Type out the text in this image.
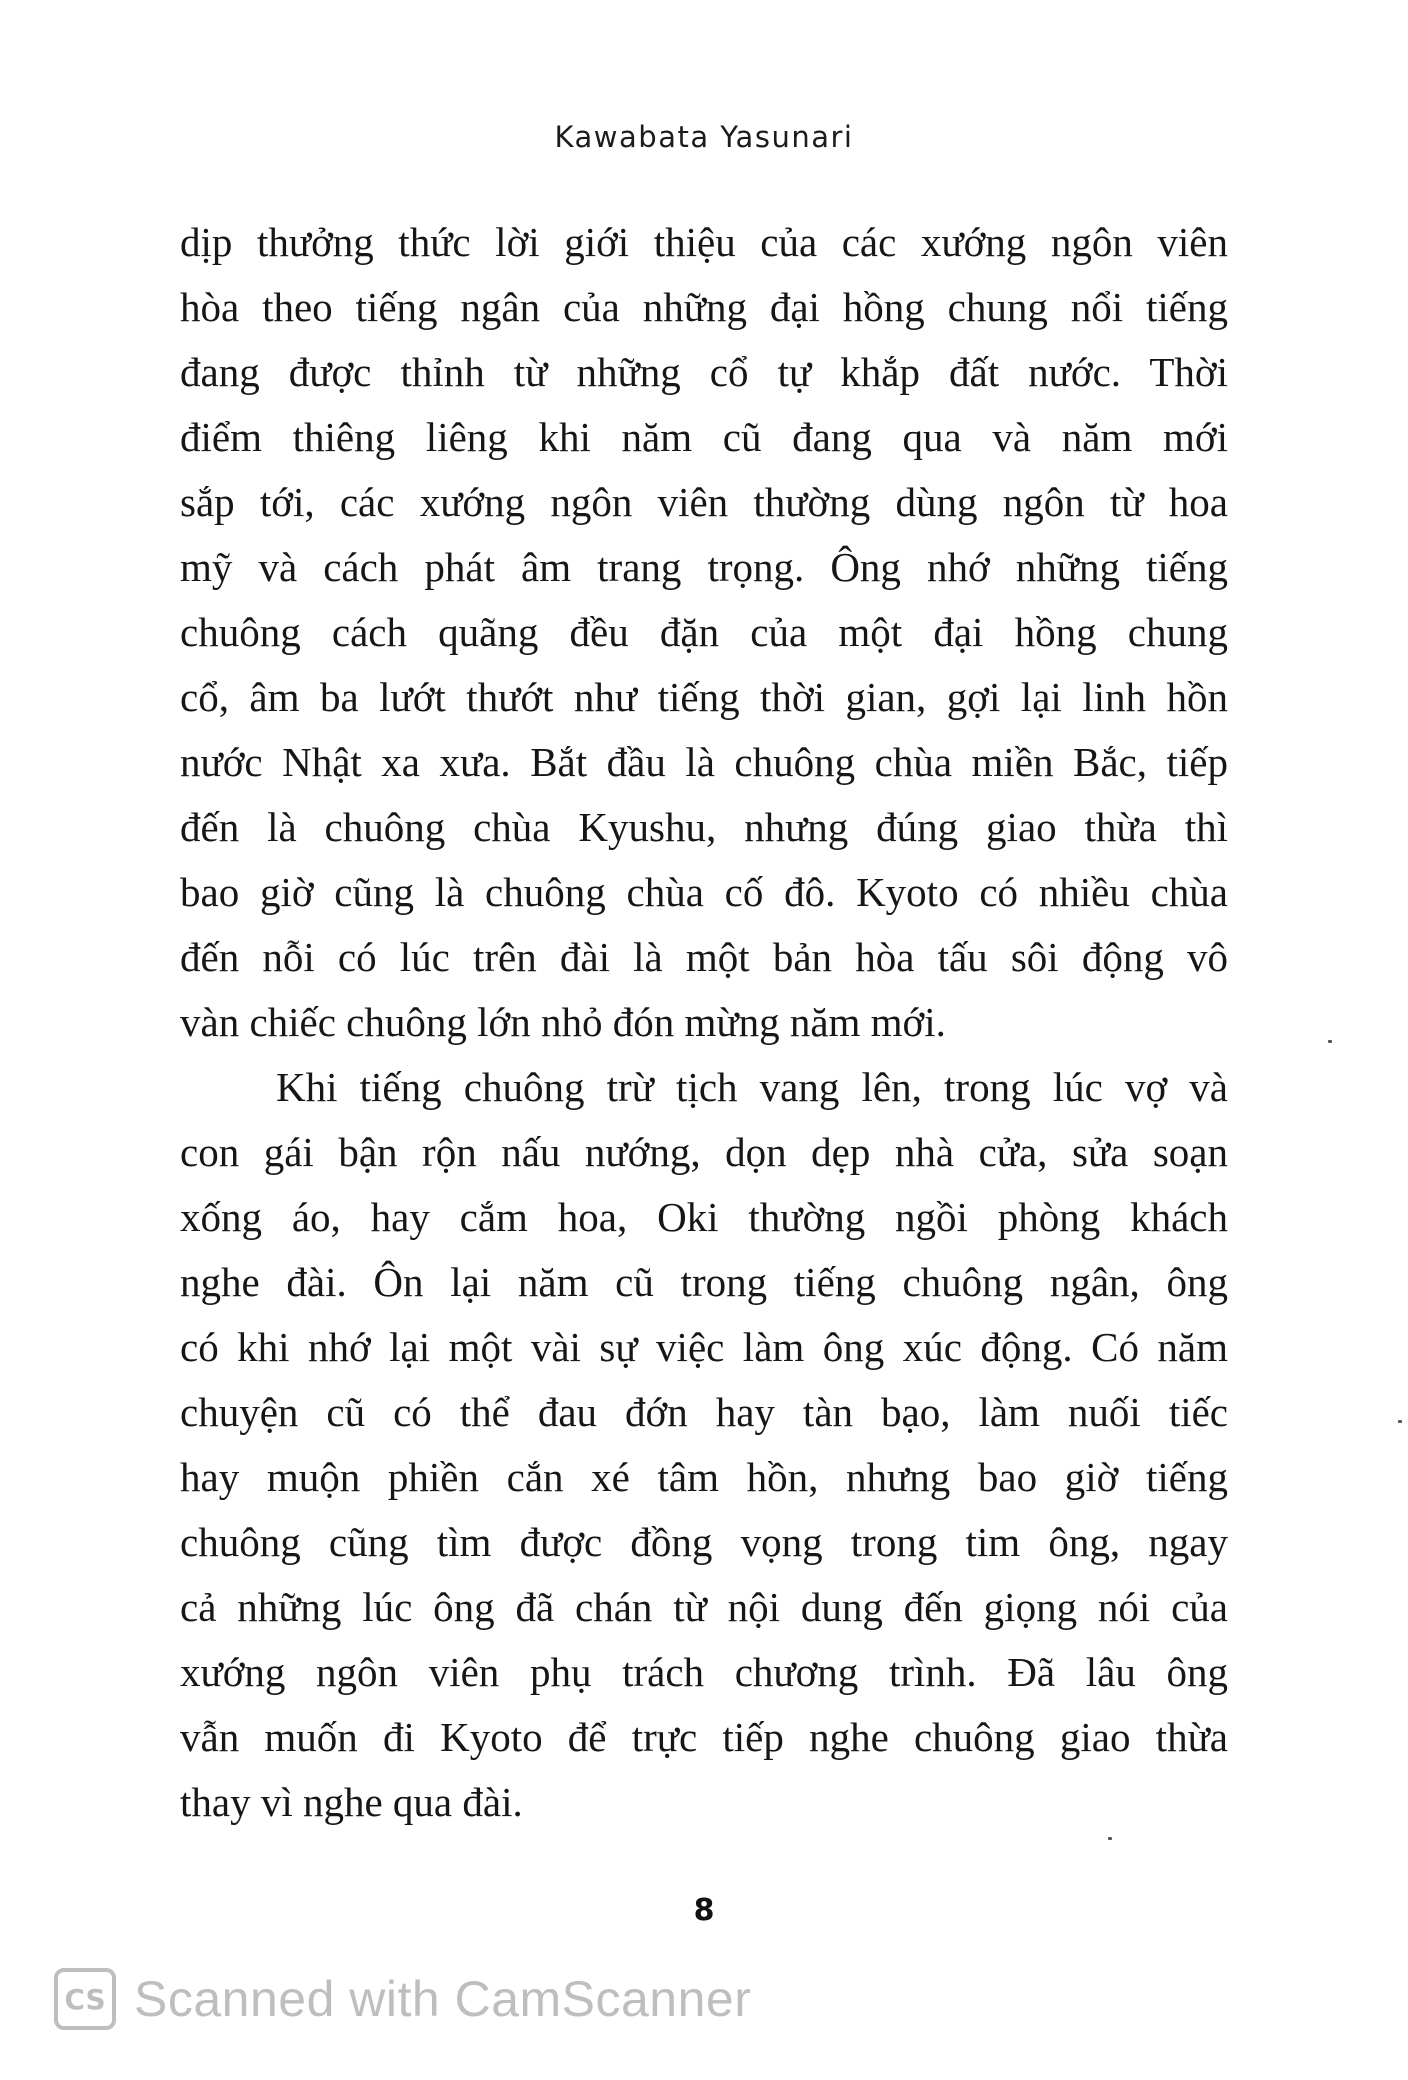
Kawabata Yasunari
dịp thưởng thức lời giới thiệu của các xướng ngôn viên
hòa theo tiếng ngân của những đại hồng chung nổi tiếng
đang được thỉnh từ những cổ tự khắp đất nước. Thời
điểm thiêng liêng khi năm cũ đang qua và năm mới
sắp tới, các xướng ngôn viên thường dùng ngôn từ hoa
mỹ và cách phát âm trang trọng. Ông nhớ những tiếng
chuông cách quãng đều đặn của một đại hồng chung
cổ, âm ba lướt thướt như tiếng thời gian, gợi lại linh hồn
nước Nhật xa xưa. Bắt đầu là chuông chùa miền Bắc, tiếp
đến là chuông chùa Kyushu, nhưng đúng giao thừa thì
bao giờ cũng là chuông chùa cố đô. Kyoto có nhiều chùa
đến nỗi có lúc trên đài là một bản hòa tấu sôi động vô
vàn chiếc chuông lớn nhỏ đón mừng năm mới.
Khi tiếng chuông trừ tịch vang lên, trong lúc vợ và
con gái bận rộn nấu nướng, dọn dẹp nhà cửa, sửa soạn
xống áo, hay cắm hoa, Oki thường ngồi phòng khách
nghe đài. Ôn lại năm cũ trong tiếng chuông ngân, ông
có khi nhớ lại một vài sự việc làm ông xúc động. Có năm
chuyện cũ có thể đau đớn hay tàn bạo, làm nuối tiếc
hay muộn phiền cắn xé tâm hồn, nhưng bao giờ tiếng
chuông cũng tìm được đồng vọng trong tim ông, ngay
cả những lúc ông đã chán từ nội dung đến giọng nói của
xướng ngôn viên phụ trách chương trình. Đã lâu ông
vẫn muốn đi Kyoto để trực tiếp nghe chuông giao thừa
thay vì nghe qua đài.
8
CS Scanned with CamScanner
